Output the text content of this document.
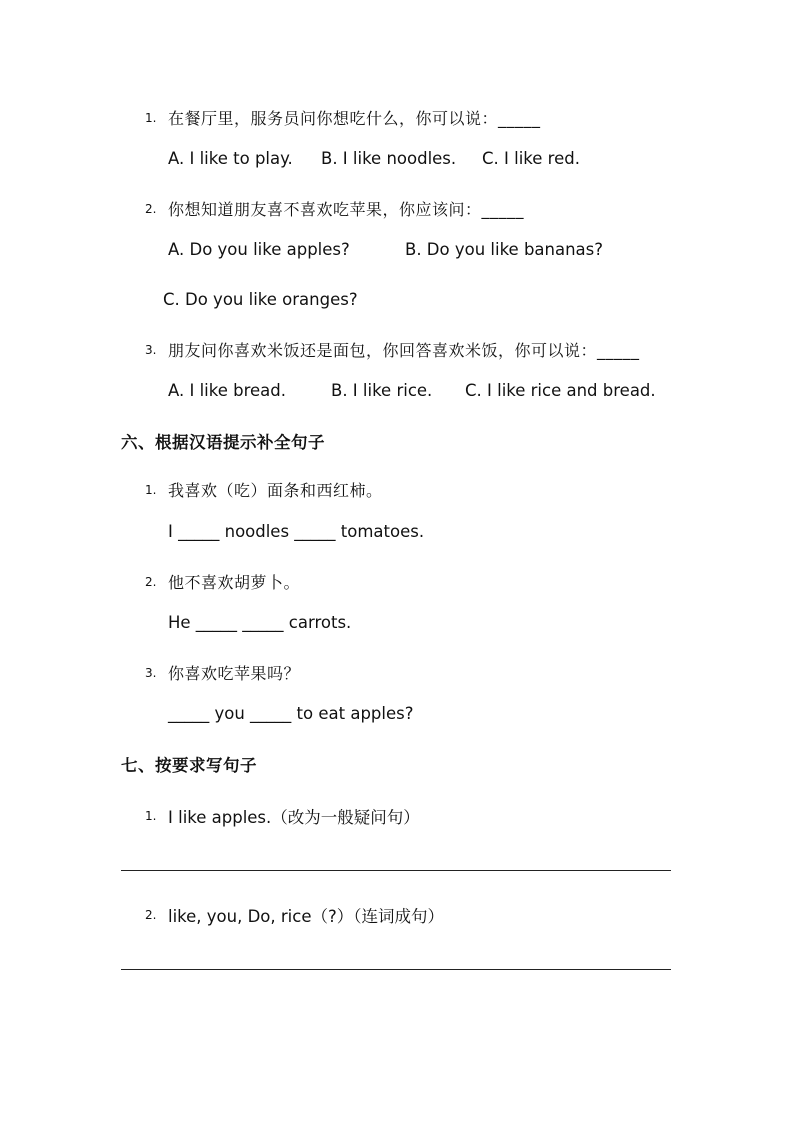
1. 在餐厅里，服务员问你想吃什么，你可以说：_____
A. I like to play. B. I like noodles. C. I like red.
2. 你想知道朋友喜不喜欢吃苹果，你应该问：_____
A. Do you like apples?	B. Do you like bananas?
C. Do you like oranges?
3. 朋友问你喜欢米饭还是面包，你回答喜欢米饭，你可以说：_____
A. I like bread.	B. I like rice. C. I like rice and bread.
六、根据汉语提示补全句子
1. 我喜欢（吃）面条和西红柿。
I _____ noodles _____ tomatoes.
2. 他不喜欢胡萝卜。
He _____ _____ carrots.
3. 你喜欢吃苹果吗？
_____ you _____ to eat apples?
七、按要求写句子
1. I like apples.（改为一般疑问句）
2. like, you, Do, rice（?）（连词成句）
